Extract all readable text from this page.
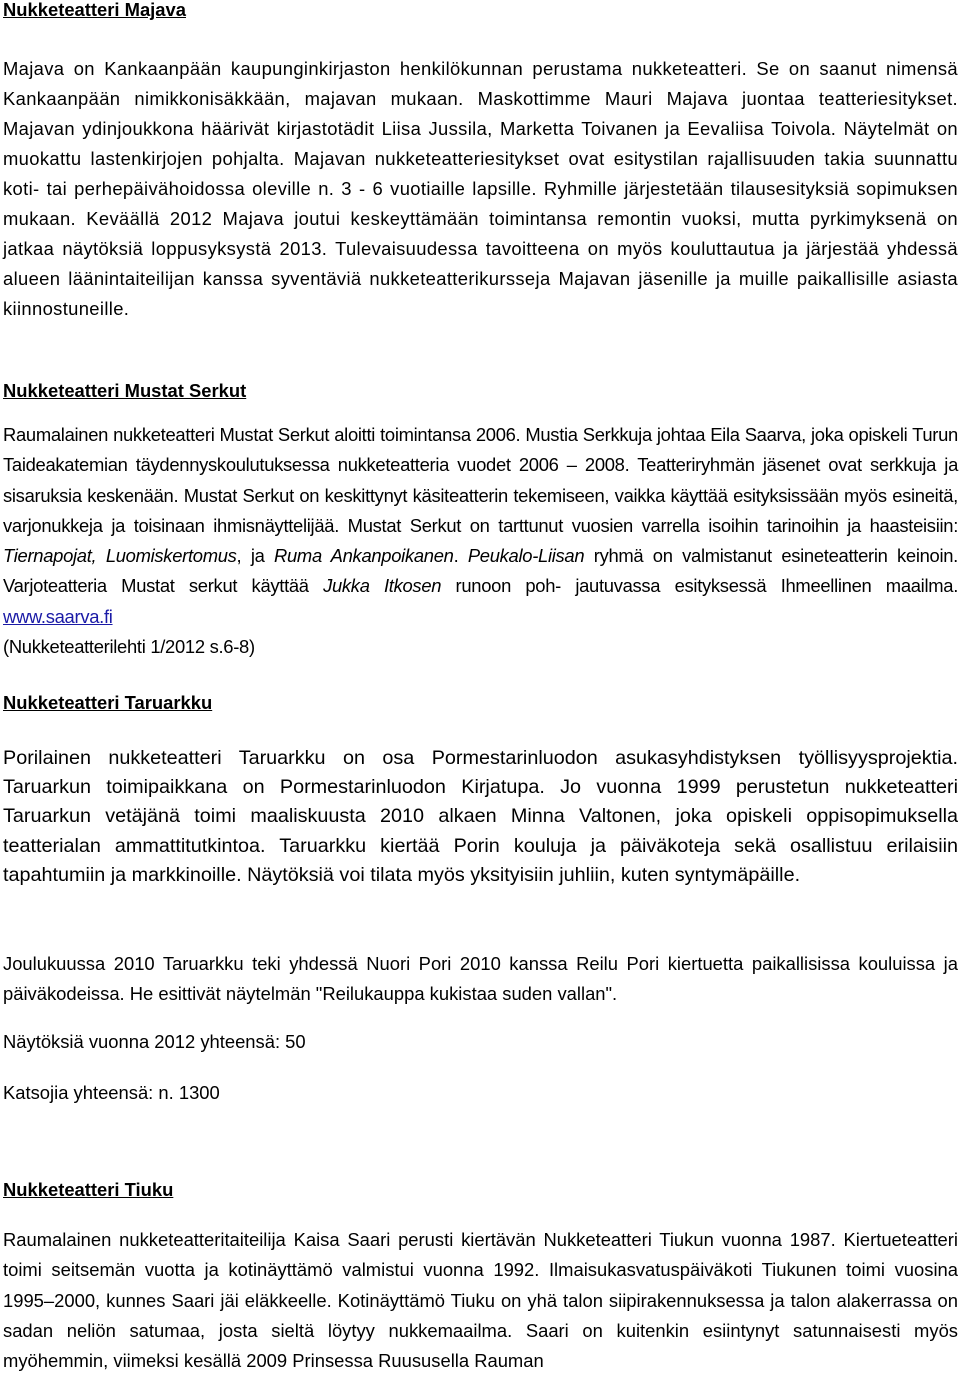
Nukketeatteri Majava

Majava on Kankaanpään kaupunginkirjaston henkilökunnan perustama nukketeatteri. Se on saanut nimensä Kankaanpään nimikkonisäkkään, majavan mukaan. Maskottimme Mauri Majava juontaa teatteriesitykset. Majavan ydinjoukkona häärivät kirjastotädit Liisa Jussila, Marketta Toivanen ja Eevaliisa Toivola. Näytelmät on muokattu lastenkirjojen pohjalta. Majavan nukketeatteriesitykset ovat esitystilan rajallisuuden takia suunnattu koti- tai perhepäivähoidossa oleville n. 3 - 6 vuotiaille lapsille. Ryhmille järjestetään tilausesityksiä sopimuksen mukaan. Keväällä 2012 Majava joutui keskeyttämään toimintansa remontin vuoksi, mutta pyrkimyksenä on jatkaa näytöksiä loppusyksystä 2013. Tulevaisuudessa tavoitteena on myös kouluttautua ja järjestää yhdessä alueen läänintaiteilijan kanssa syventäviä nukketeatterikursseja Majavan jäsenille ja muille paikallisille asiasta kiinnostuneille.

Nukketeatteri Mustat Serkut

Raumalainen nukketeatteri Mustat Serkut aloitti toimintansa 2006. Mustia Serkkuja johtaa Eila Saarva, joka opiskeli Turun Taideakatemian täydennyskoulutuksessa nukketeatteria vuodet 2006 – 2008. Teatteriryhmän jäsenet ovat serkkuja ja sisaruksia keskenään. Mustat Serkut on keskittynyt käsiteatterin tekemiseen, vaikka käyttää esityksissään myös esineitä, varjonukkeja ja toisinaan ihmisnäyttelijää. Mustat Serkut on tarttunut vuosien varrella isoihin tarinoihin ja haasteisiin: Tiernapojat, Luomiskertomus, ja Ruma Ankanpoikanen. Peukalo-Liisan ryhmä on valmistanut esineteatterin keinoin. Varjoteatteria Mustat serkut käyttää Jukka Itkosen runoon poh- jautuvassa esityksessä Ihmeellinen maailma. www.saarva.fi
(Nukketeatterilehti 1/2012 s.6-8)

Nukketeatteri Taruarkku

Porilainen nukketeatteri Taruarkku on osa Pormestarinluodon asukasyhdistyksen työllisyysprojektia. Taruarkun toimipaikkana on Pormestarinluodon Kirjatupa. Jo vuonna 1999 perustetun nukketeatteri Taruarkun vetäjänä toimi maaliskuusta 2010 alkaen Minna Valtonen, joka opiskeli oppisopimuksella teatterialan ammattitutkintoa. Taruarkku kiertää Porin kouluja ja päiväkoteja sekä osallistuu erilaisiin tapahtumiin ja markkinoille. Näytöksiä voi tilata myös yksityisiin juhliin, kuten syntymäpäille.

Joulukuussa 2010 Taruarkku teki yhdessä Nuori Pori 2010 kanssa Reilu Pori kiertuetta paikallisissa kouluissa ja päiväkodeissa. He esittivät näytelmän "Reilukauppa kukistaa suden vallan".

Näytöksiä vuonna 2012 yhteensä: 50

Katsojia yhteensä: n. 1300

Nukketeatteri Tiuku

Raumalainen nukketeatteritaiteilija Kaisa Saari perusti kiertävän Nukketeatteri Tiukun vuonna 1987. Kiertueteatteri toimi seitsemän vuotta ja kotinäyttämö valmistui vuonna 1992. Ilmaisukasvatuspäiväkoti Tiukunen toimi vuosina 1995–2000, kunnes Saari jäi eläkkeelle. Kotinäyttämö Tiuku on yhä talon siipirakennuksessa ja talon alakerrassa on sadan neliön satumaa, josta sieltä löytyy nukkemaailma. Saari on kuitenkin esiintynyt satunnaisesti myös myöhemmin, viimeksi kesällä 2009 Prinsessa Ruususella Rauman
